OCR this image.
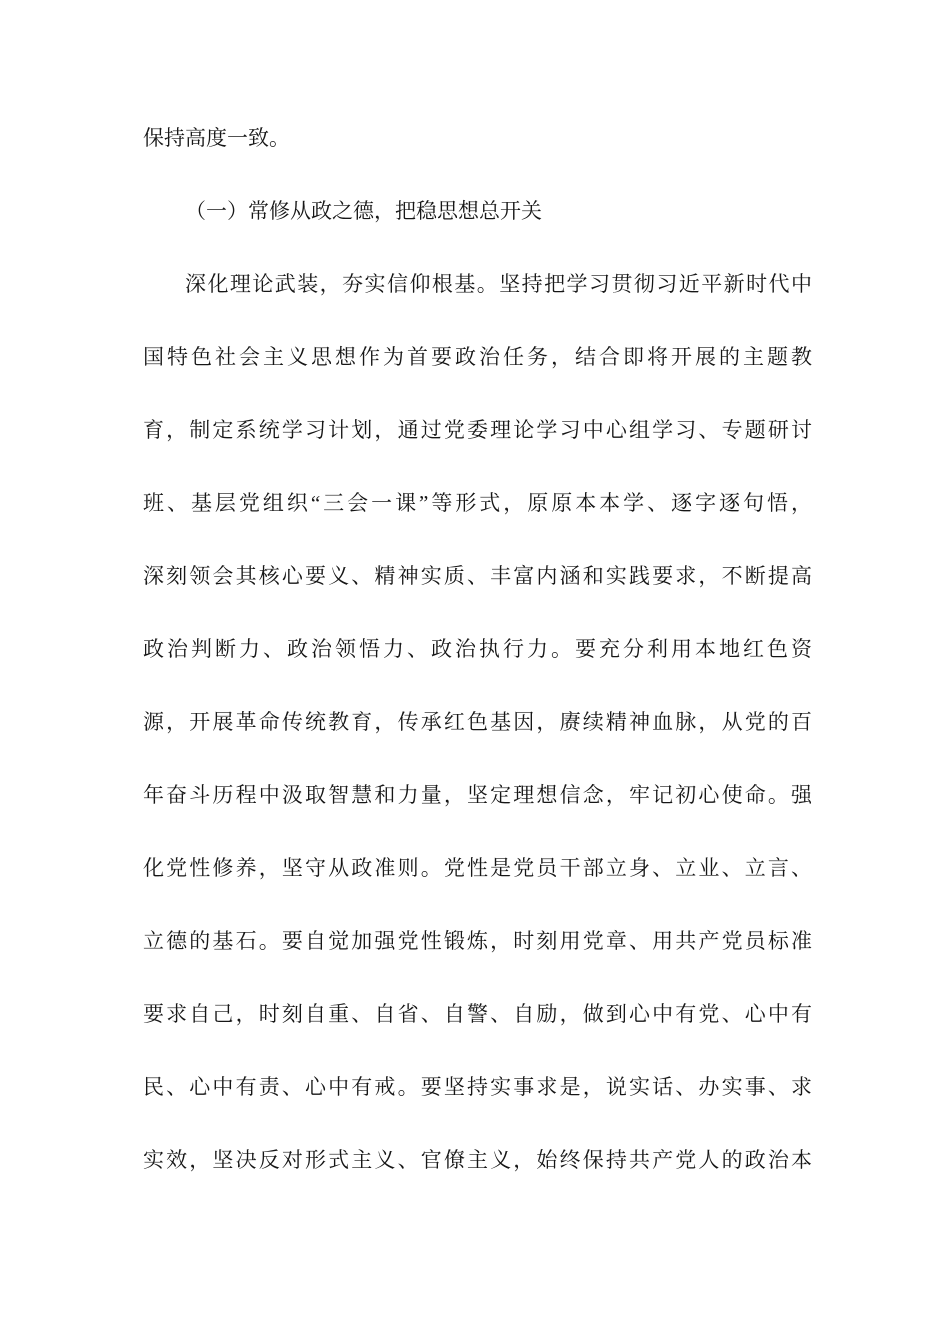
保持高度一致。
（一）常修从政之德，把稳思想总开关
深化理论武装，夯实信仰根基。坚持把学习贯彻习近平新时代中
国特色社会主义思想作为首要政治任务，结合即将开展的主题教
育，制定系统学习计划，通过党委理论学习中心组学习、专题研讨
班、基层党组织“三会一课”等形式，原原本本学、逐字逐句悟，
深刻领会其核心要义、精神实质、丰富内涵和实践要求，不断提高
政治判断力、政治领悟力、政治执行力。要充分利用本地红色资
源，开展革命传统教育，传承红色基因，赓续精神血脉，从党的百
年奋斗历程中汲取智慧和力量，坚定理想信念，牢记初心使命。强
化党性修养，坚守从政准则。党性是党员干部立身、立业、立言、
立德的基石。要自觉加强党性锻炼，时刻用党章、用共产党员标准
要求自己，时刻自重、自省、自警、自励，做到心中有党、心中有
民、心中有责、心中有戒。要坚持实事求是，说实话、办实事、求
实效，坚决反对形式主义、官僚主义，始终保持共产党人的政治本
